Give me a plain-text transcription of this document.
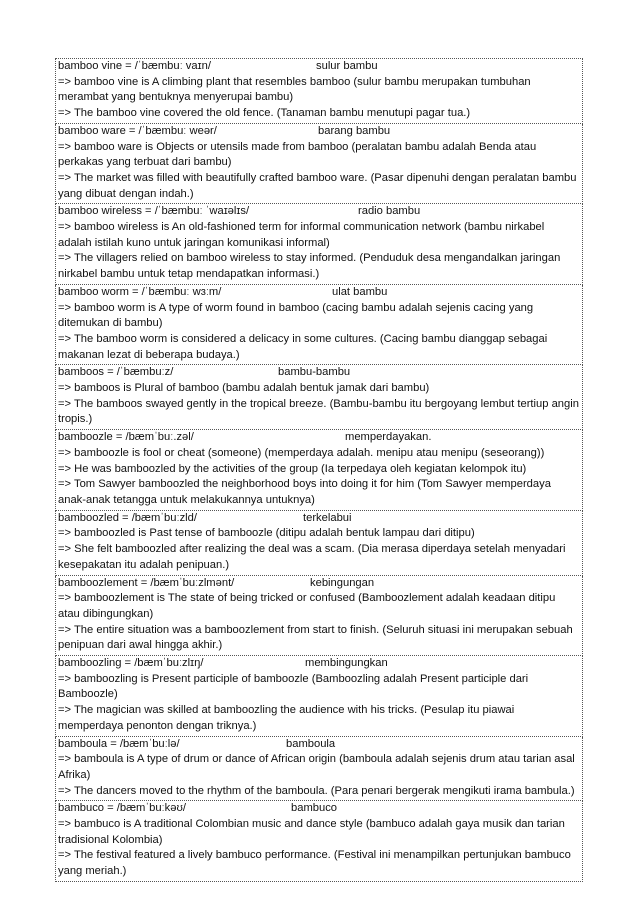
bamboo vine = /ˈbæmbuː vaɪn/	sulur bambu
=> bamboo vine is A climbing plant that resembles bamboo (sulur bambu merupakan tumbuhan merambat yang bentuknya menyerupai bambu)
=> The bamboo vine covered the old fence. (Tanaman bambu menutupi pagar tua.)
bamboo ware = /ˈbæmbuː weər/	barang bambu
=> bamboo ware is Objects or utensils made from bamboo (peralatan bambu adalah Benda atau perkakas yang terbuat dari bambu)
=> The market was filled with beautifully crafted bamboo ware. (Pasar dipenuhi dengan peralatan bambu yang dibuat dengan indah.)
bamboo wireless = /ˈbæmbuː ˈwaɪəlɪs/	radio bambu
=> bamboo wireless is An old-fashioned term for informal communication network (bambu nirkabel adalah istilah kuno untuk jaringan komunikasi informal)
=> The villagers relied on bamboo wireless to stay informed. (Penduduk desa mengandalkan jaringan nirkabel bambu untuk tetap mendapatkan informasi.)
bamboo worm = /ˈbæmbuː wɜːm/	ulat bambu
=> bamboo worm is A type of worm found in bamboo (cacing bambu adalah sejenis cacing yang ditemukan di bambu)
=> The bamboo worm is considered a delicacy in some cultures. (Cacing bambu dianggap sebagai makanan lezat di beberapa budaya.)
bamboos = /ˈbæmbuːz/	bambu-bambu
=> bamboos is Plural of bamboo (bambu adalah bentuk jamak dari bambu)
=> The bamboos swayed gently in the tropical breeze. (Bambu-bambu itu bergoyang lembut tertiup angin tropis.)
bamboozle = /bæmˈbuː.zəl/	memperdayakan.
=> bamboozle is fool or cheat (someone) (memperdaya adalah. menipu atau menipu (seseorang))
=> He was bamboozled by the activities of the group (Ia terpedaya oleh kegiatan kelompok itu)
=> Tom Sawyer bamboozled the neighborhood boys into doing it for him (Tom Sawyer memperdaya anak-anak tetangga untuk melakukannya untuknya)
bamboozled = /bæmˈbuːzld/	terkelabui
=> bamboozled is Past tense of bamboozle (ditipu adalah bentuk lampau dari ditipu)
=> She felt bamboozled after realizing the deal was a scam. (Dia merasa diperdaya setelah menyadari kesepakatan itu adalah penipuan.)
bamboozlement = /bæmˈbuːzlmənt/	kebingungan
=> bamboozlement is The state of being tricked or confused (Bamboozlement adalah keadaan ditipu atau dibingungkan)
=> The entire situation was a bamboozlement from start to finish. (Seluruh situasi ini merupakan sebuah penipuan dari awal hingga akhir.)
bamboozling = /bæmˈbuːzlɪŋ/	membingungkan
=> bamboozling is Present participle of bamboozle (Bamboozling adalah Present participle dari Bamboozle)
=> The magician was skilled at bamboozling the audience with his tricks. (Pesulap itu piawai memperdaya penonton dengan triknya.)
bamboula = /bæmˈbuːlə/	bamboula
=> bamboula is A type of drum or dance of African origin (bamboula adalah sejenis drum atau tarian asal Afrika)
=> The dancers moved to the rhythm of the bamboula. (Para penari bergerak mengikuti irama bambula.)
bambuco = /bæmˈbuːkəʊ/	bambuco
=> bambuco is A traditional Colombian music and dance style (bambuco adalah gaya musik dan tarian tradisional Kolombia)
=> The festival featured a lively bambuco performance. (Festival ini menampilkan pertunjukan bambuco yang meriah.)
